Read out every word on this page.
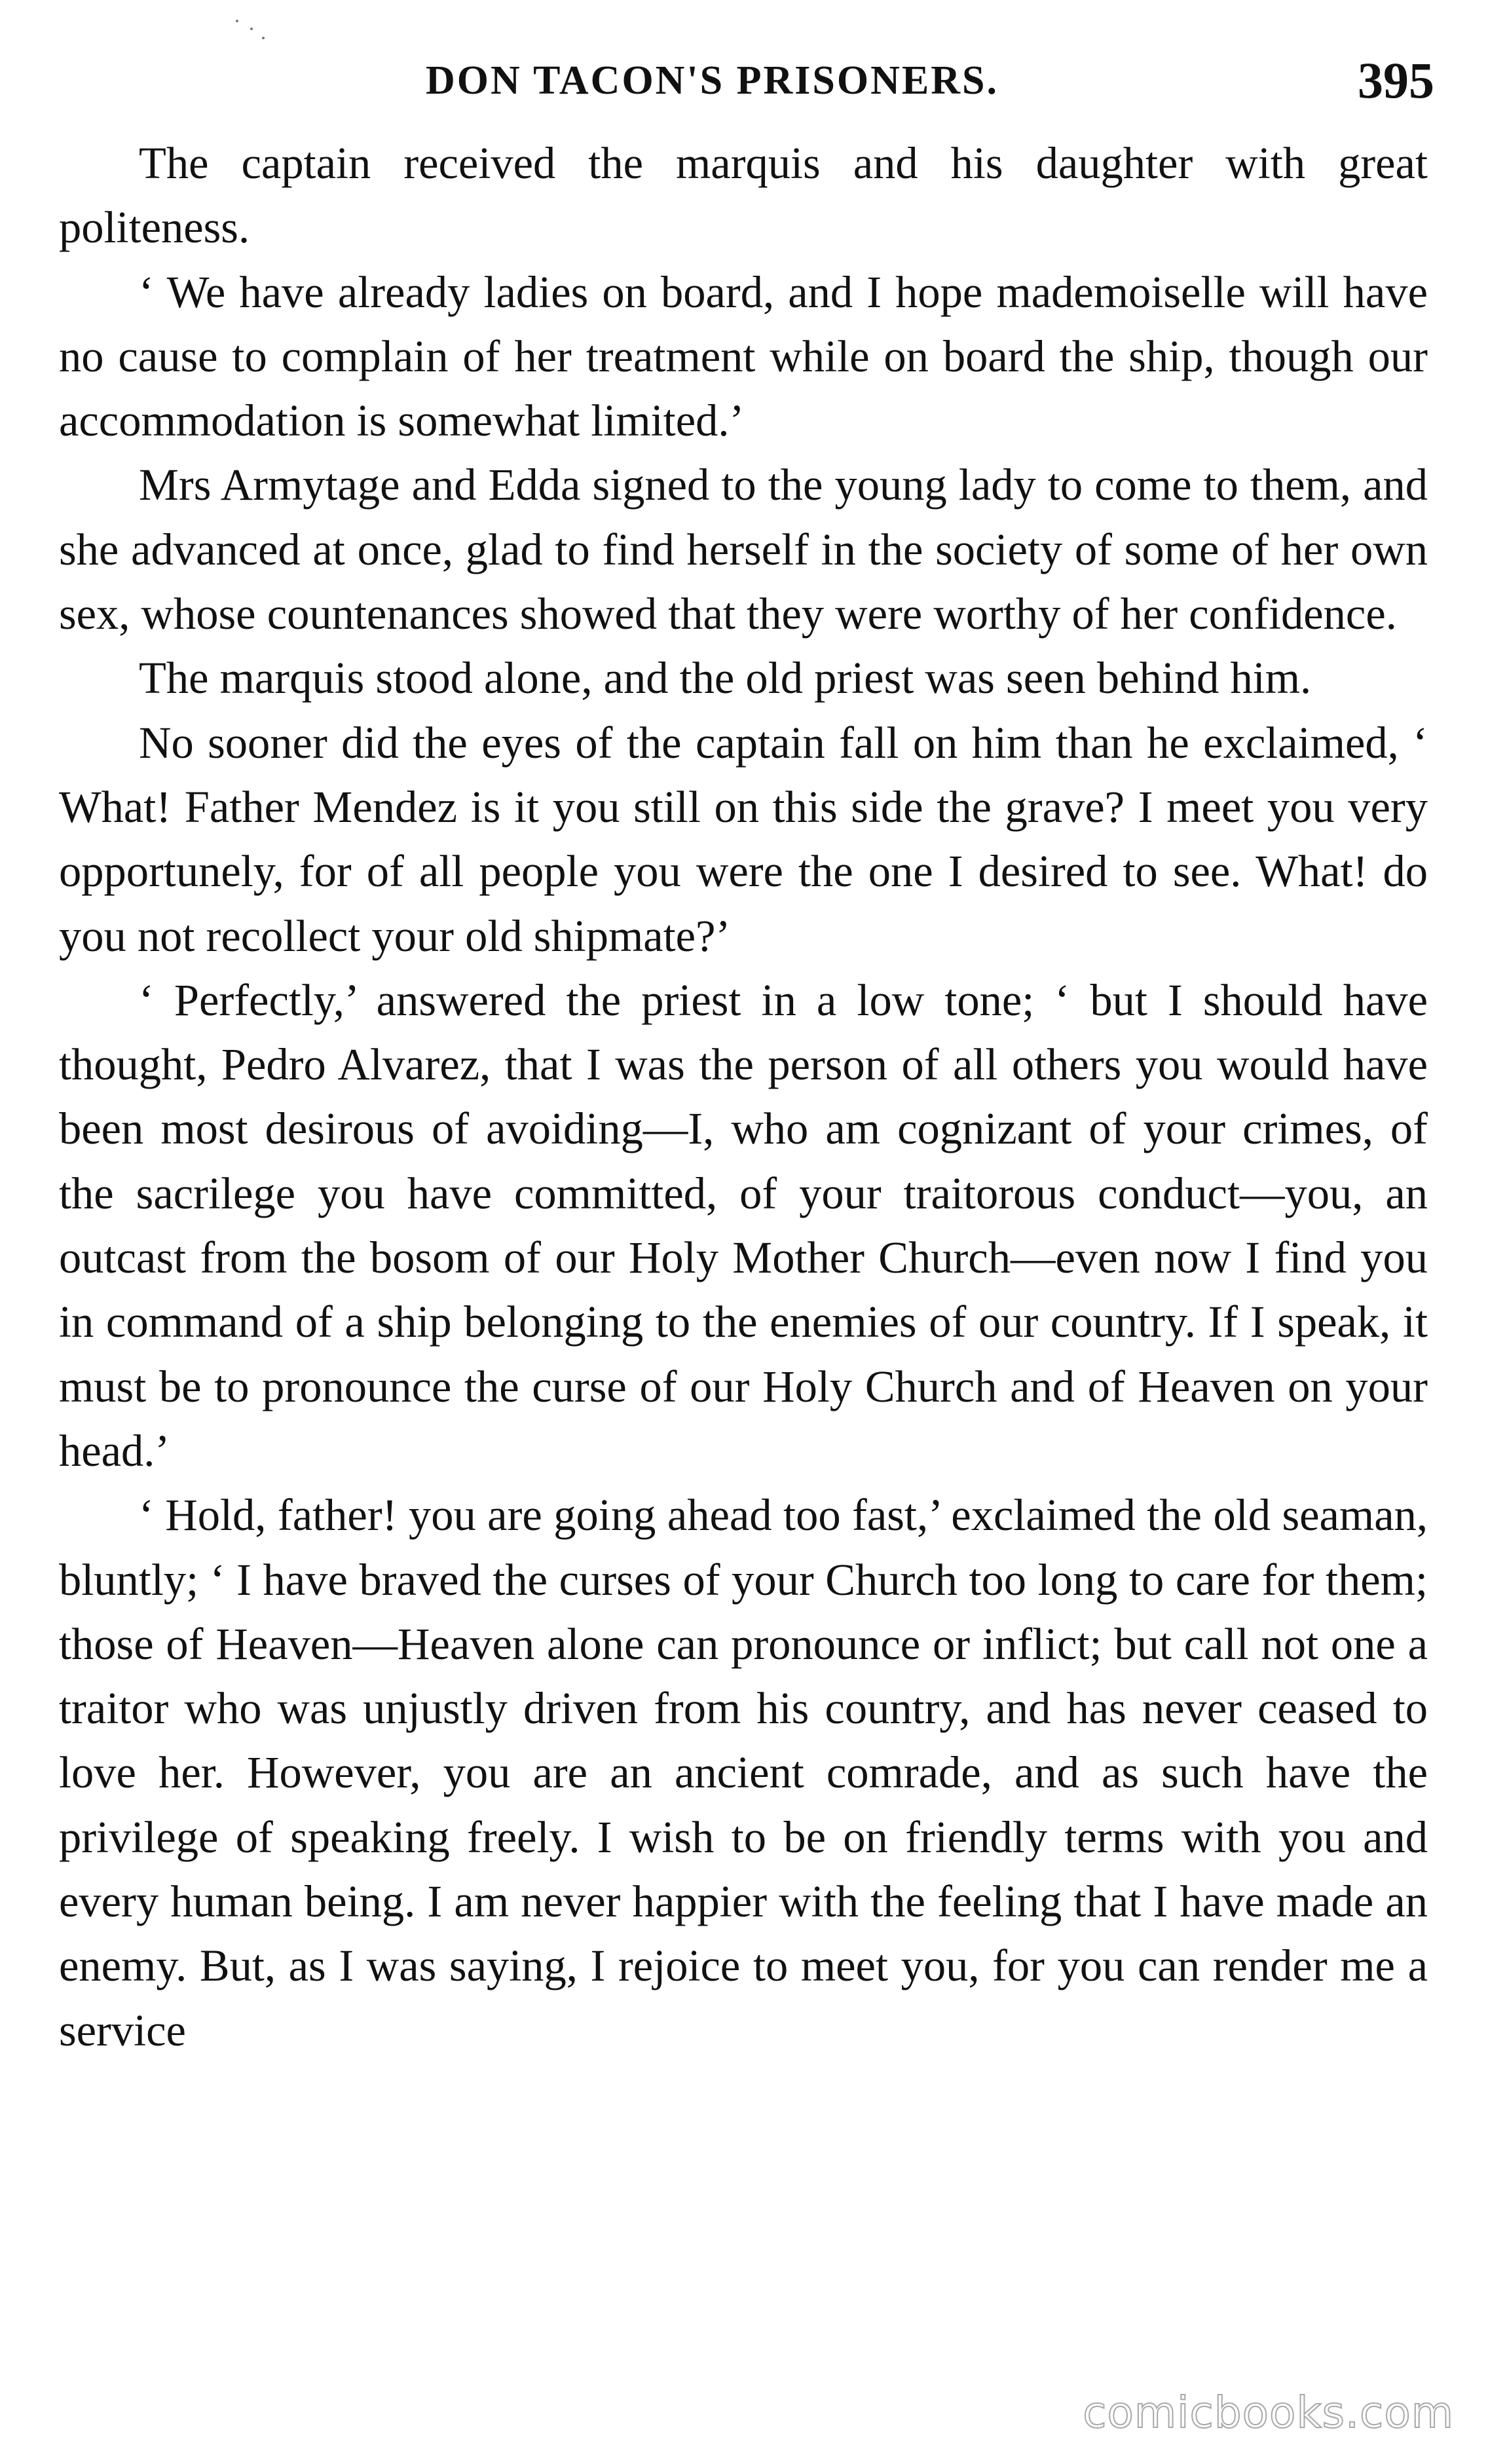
DON TACON'S PRISONERS.	395

The captain received the marquis and his daughter with great politeness.

‘ We have already ladies on board, and I hope mademoiselle will have no cause to complain of her treatment while on board the ship, though our accommodation is somewhat limited.’

Mrs Armytage and Edda signed to the young lady to come to them, and she advanced at once, glad to find herself in the society of some of her own sex, whose countenances showed that they were worthy of her confidence.

The marquis stood alone, and the old priest was seen behind him.

No sooner did the eyes of the captain fall on him than he exclaimed, ‘ What! Father Mendez is it you still on this side the grave? I meet you very opportunely, for of all people you were the one I desired to see. What! do you not recollect your old shipmate?’

‘ Perfectly,’ answered the priest in a low tone; ‘ but I should have thought, Pedro Alvarez, that I was the person of all others you would have been most desirous of avoiding—I, who am cognizant of your crimes, of the sacrilege you have committed, of your traitorous conduct—you, an outcast from the bosom of our Holy Mother Church—even now I find you in command of a ship belonging to the enemies of our country. If I speak, it must be to pronounce the curse of our Holy Church and of Heaven on your head.’

‘ Hold, father! you are going ahead too fast,’ exclaimed the old seaman, bluntly; ‘ I have braved the curses of your Church too long to care for them; those of Heaven—Heaven alone can pronounce or inflict; but call not one a traitor who was unjustly driven from his country, and has never ceased to love her. However, you are an ancient comrade, and as such have the privilege of speaking freely. I wish to be on friendly terms with you and every human being. I am never happier with the feeling that I have made an enemy. But, as I was saying, I rejoice to meet you, for you can render me a service

comicbooks.com
